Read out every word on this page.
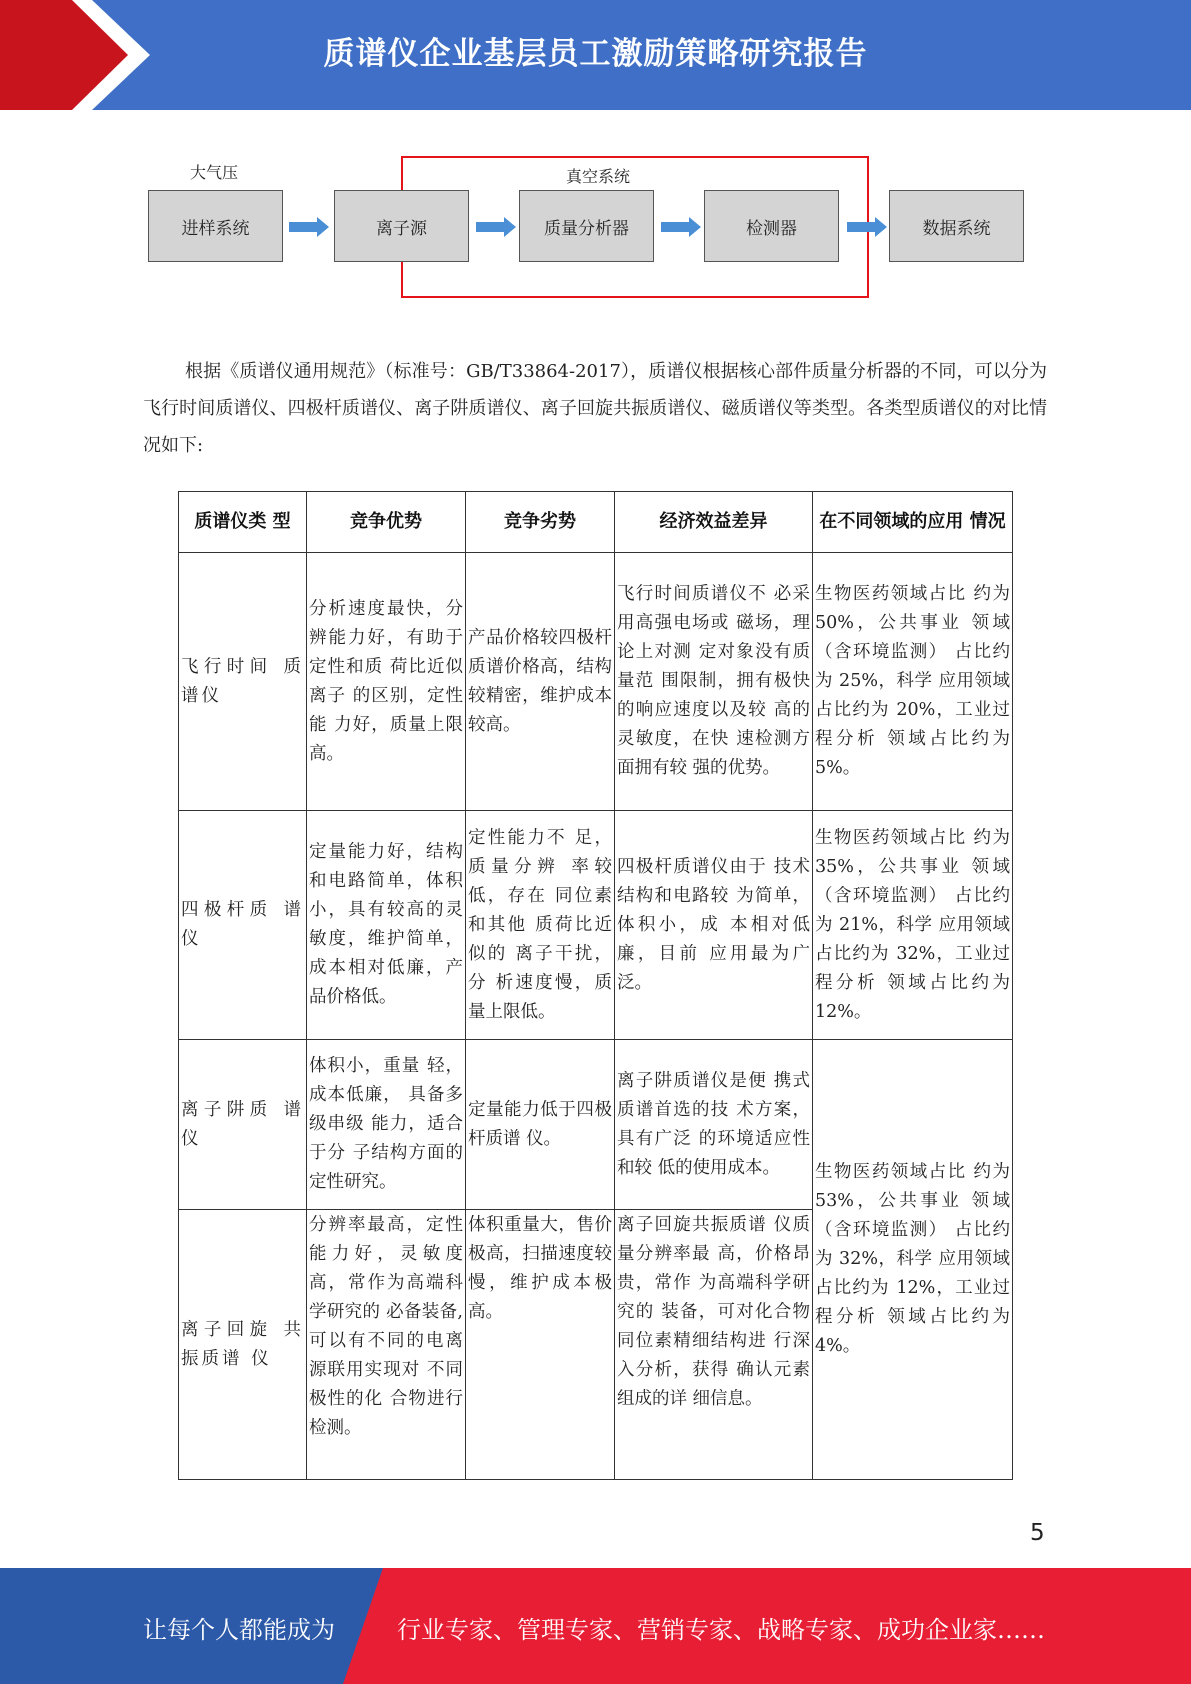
质谱仪企业基层员工激励策略研究报告
大气压	真空系统
进样系统	离子源	质量分析器	检测器	数据系统

根据《质谱仪通用规范》（标准号：GB/T33864-2017），质谱仪根据核心部件质量分析器的不同，可以分为飞行时间质谱仪、四极杆质谱仪、离子阱质谱仪、离子回旋共振质谱仪、磁质谱仪等类型。各类型质谱仪的对比情况如下:

质谱仪类 型	竞争优势	竞争劣势	经济效益差异	在不同领域的应用 情况
飞行时间 质谱仪	分析速度最快，分辨能力好，有助于定性和质 荷比近似离子 的区别，定性能 力好，质量上限 高。	产品价格较四极杆质谱价格高，结构较精密，维护成本较高。	飞行时间质谱仪不 必采用高强电场或 磁场，理论上对测 定对象没有质量范 围限制，拥有极快 的响应速度以及较 高的灵敏度，在快 速检测方面拥有较 强的优势。	生物医药领域占比 约为 50%，公共事业 领域（含环境监测） 占比约为 25%，科学 应用领域占比约为 20%，工业过程分析 领域占比约为 5%。
四极杆质 谱仪	定量能力好，结构和电路简单，体积小，具有较高的灵敏度，维护简单，成本相对低廉，产品价格低。	定性能力不 足，质量分辨 率较低，存在 同位素和其他 质荷比近似的 离子干扰，分 析速度慢，质 量上限低。	四极杆质谱仪由于 技术结构和电路较 为简单，体积小，成 本相对低廉，目前 应用最为广泛。	生物医药领域占比 约为 35%，公共事业 领域（含环境监测） 占比约为 21%，科学 应用领域占比约为 32%，工业过程分析 领域占比约为 12%。
离子阱质 谱仪	体积小，重量 轻，成本低廉， 具备多级串级 能力，适合于分 子结构方面的 定性研究。	定量能力低于四极杆质谱 仪。	离子阱质谱仪是便 携式质谱首选的技 术方案，具有广泛 的环境适应性和较 低的使用成本。	生物医药领域占比 约为 53%，公共事业 领域（含环境监测） 占比约为 32%，科学 应用领域占比约为 12%，工业过程分析 领域占比约为 4%。
离子回旋 共振质谱 仪	分辨率最高，定性能力好，灵敏度高，常作为高端科学研究的 必备装备,可以有不同的电离 源联用实现对 不同极性的化 合物进行检测。	体积重量大，售价极高，扫描速度较慢，维护成本极 高。	离子回旋共振质谱 仪质量分辨率最 高，价格昂贵，常作 为高端科学研究的 装备，可对化合物同位素精细结构进 行深入分析，获得 确认元素组成的详 细信息。	
5
让每个人都能成为	行业专家、管理专家、营销专家、战略专家、成功企业家……
